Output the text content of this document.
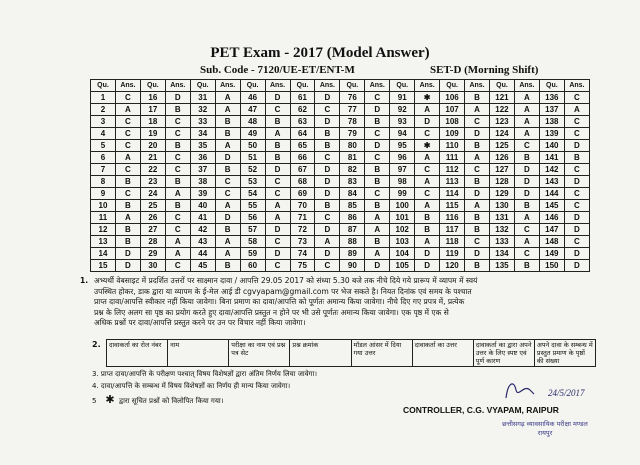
PET Exam - 2017 (Model Answer)
Sub. Code - 7120/UE-ET/ENT-M	SET-D (Morning Shift)
Qu.	Ans.	Qu.	Ans.	Qu.	Ans.	Qu.	Ans.	Qu.	Ans.	Qu.	Ans.	Qu.	Ans.	Qu.	Ans.	Qu.	Ans.	Qu.	Ans.
1	C	16	D	31	A	46	D	61	D	76	C	91	✱	106	B	121	A	136	C
2	A	17	B	32	A	47	C	62	C	77	D	92	A	107	A	122	A	137	A
3	C	18	C	33	B	48	B	63	D	78	B	93	D	108	C	123	A	138	C
4	C	19	C	34	B	49	A	64	B	79	C	94	C	109	D	124	A	139	C
5	C	20	B	35	A	50	B	65	B	80	D	95	✱	110	B	125	C	140	D
6	A	21	C	36	D	51	B	66	C	81	C	96	A	111	A	126	B	141	B
7	C	22	C	37	B	52	D	67	D	82	B	97	C	112	C	127	D	142	C
8	B	23	B	38	C	53	C	68	D	83	B	98	A	113	B	128	D	143	D
9	C	24	A	39	C	54	C	69	D	84	C	99	C	114	D	129	D	144	C
10	B	25	B	40	A	55	A	70	B	85	B	100	A	115	A	130	B	145	C
11	A	26	C	41	D	56	A	71	C	86	A	101	B	116	B	131	A	146	D
12	B	27	C	42	B	57	D	72	D	87	A	102	B	117	B	132	C	147	D
13	B	28	A	43	A	58	C	73	A	88	B	103	A	118	C	133	A	148	C
14	D	29	A	44	A	59	D	74	D	89	A	104	D	119	D	134	C	149	D
15	D	30	C	45	B	60	C	75	C	90	D	105	D	120	B	135	B	150	D

1. अभ्यर्थी वेबसाइट में प्रदर्शित उत्तरों पर साक्ष्मान दावा / आपत्ति 29.05 2017 को संध्या 5.30 बजे तक नीचे दिये गये प्रारूप में व्यापम में स्वयं

उपस्थित होकर, डाक द्वारा या व्यापम के ई-मेल आई डी cgvyapam@gmail.com पर भेज सकते है। नियत दिनांक एवं समय के पश्चात

प्राप्त दावा/आपत्ति स्वीकार नहीं किया जावेगा। बिना प्रमाण का दावा/आपत्ति को पूर्णतः अमान्य किया जावेगा। नीचे दिए गए प्रपत्र में, प्रत्येक

प्रश्न के लिए अलग सा पृष्ठ का प्रयोग करते हुए दावा/आपत्ति प्रस्तुत न होने पर भी उसे पूर्णतः अमान्य किया जावेगा। एक पृष्ठ में एक से

अधिक प्रश्नों पर दावा/आपत्ति प्रस्तुत करने पर उन पर विचार नहीं किया जावेगा।

2. दावाकर्ता का रोल नंबर	नाम	परीक्षा का नाम एवं प्रश्न पत्र सेट	प्रश्न क्रमांक	मॉडल आंसर में दिया गया उत्तर	दावाकर्ता का उत्तर	दावाकर्ता का द्वारा अपने उत्तर के लिए स्पष्ट एवं पूर्ण कारण	अपने दावा के सम्बन्ध में प्रस्तुत प्रमाण के पृष्ठों की संख्या
3. प्राप्त दावा/आपत्ति के परीक्षण पश्चात् विषय विशेषज्ञों द्वारा अंतिम निर्णय लिया जावेगा।
4. दावा/आपत्ति के सम्बन्ध में विषय विशेषज्ञों का निर्णय ही मान्य किया जावेगा।
5 ✱ द्वारा सूचित प्रश्नों को विलोपित किया गया।
24/5/2017
CONTROLLER, C.G. VYAPAM, RAIPUR
छत्तीसगढ़ व्यावसायिक परीक्षा मण्डल
रायपुर
